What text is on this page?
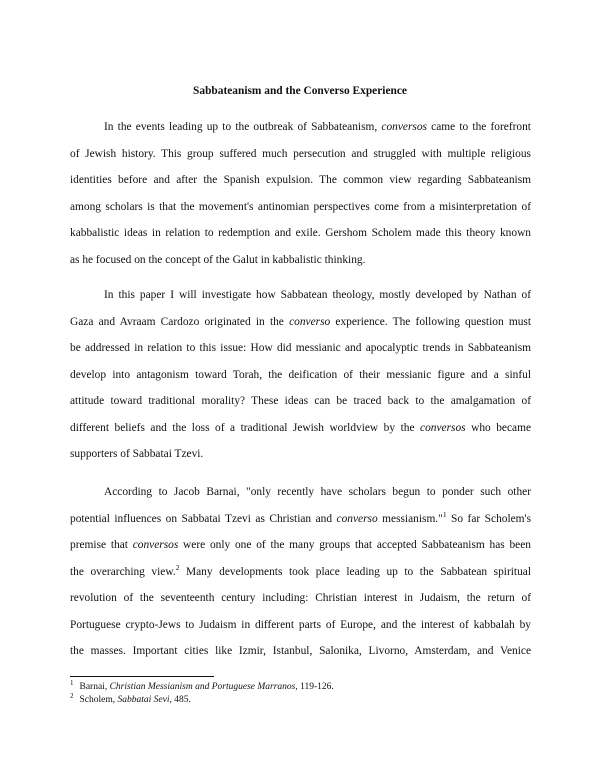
Sabbateanism and the Converso Experience
In the events leading up to the outbreak of Sabbateanism, conversos came to the forefront
of Jewish history. This group suffered much persecution and struggled with multiple religious
identities before and after the Spanish expulsion. The common view regarding Sabbateanism
among scholars is that the movement's antinomian perspectives come from a misinterpretation of
kabbalistic ideas in relation to redemption and exile. Gershom Scholem made this theory known
as he focused on the concept of the Galut in kabbalistic thinking.
In this paper I will investigate how Sabbatean theology, mostly developed by Nathan of
Gaza and Avraam Cardozo originated in the converso experience. The following question must
be addressed in relation to this issue: How did messianic and apocalyptic trends in Sabbateanism
develop into antagonism toward Torah, the deification of their messianic figure and a sinful
attitude toward traditional morality? These ideas can be traced back to the amalgamation of
different beliefs and the loss of a traditional Jewish worldview by the conversos who became
supporters of Sabbatai Tzevi.
According to Jacob Barnai, "only recently have scholars begun to ponder such other
potential influences on Sabbatai Tzevi as Christian and converso messianism."$^1$ So far Scholem's
premise that conversos were only one of the many groups that accepted Sabbateanism has been
the overarching view.$^2$ Many developments took place leading up to the Sabbatean spiritual
revolution of the seventeenth century including: Christian interest in Judaism, the return of
Portuguese crypto-Jews to Judaism in different parts of Europe, and the interest of kabbalah by
the masses. Important cities like Izmir, Istanbul, Salonika, Livorno, Amsterdam, and Venice
$^1$ Barnai, Christian Messianism and Portuguese Marranos, 119-126.
$^2$ Scholem, Sabbatai Sevi, 485.
